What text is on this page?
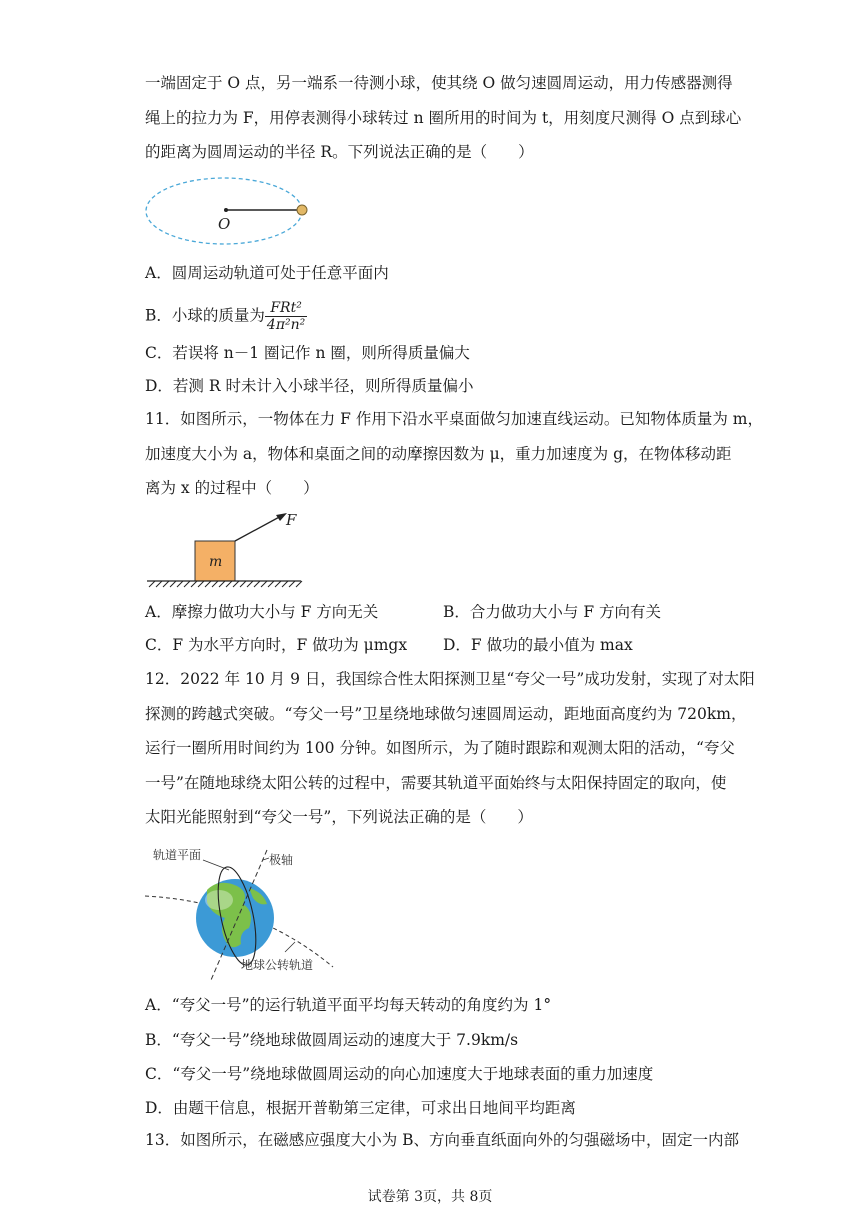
一端固定于 O 点，另一端系一待测小球，使其绕 O 做匀速圆周运动，用力传感器测得
绳上的拉力为 F，用停表测得小球转过 n 圈所用的时间为 t，用刻度尺测得 O 点到球心
的距离为圆周运动的半径 R。下列说法正确的是（　　）
O
A．圆周运动轨道可处于任意平面内
B．小球的质量为 $\frac{\text{FRt²}}{\text{4π²n²}}$
C．若误将 n－1 圈记作 n 圈，则所得质量偏大
D．若测 R 时未计入小球半径，则所得质量偏小
11．如图所示，一物体在力 F 作用下沿水平桌面做匀加速直线运动。已知物体质量为 m，
加速度大小为 a，物体和桌面之间的动摩擦因数为 μ，重力加速度为 g，在物体移动距
离为 x 的过程中（　　）
m
F
A．摩擦力做功大小与 F 方向无关	B．合力做功大小与 F 方向有关
C．F 为水平方向时，F 做功为 μmgx D．F 做功的最小值为 max
12．2022 年 10 月 9 日，我国综合性太阳探测卫星“夸父一号”成功发射，实现了对太阳
探测的跨越式突破。“夸父一号”卫星绕地球做匀速圆周运动，距地面高度约为 720km，
运行一圈所用时间约为 100 分钟。如图所示，为了随时跟踪和观测太阳的活动，“夸父
一号”在随地球绕太阳公转的过程中，需要其轨道平面始终与太阳保持固定的取向，使
太阳光能照射到“夸父一号”，下列说法正确的是（　　）
轨道平面	极轴
地球公转轨道
A．“夸父一号”的运行轨道平面平均每天转动的角度约为 1°
B．“夸父一号”绕地球做圆周运动的速度大于 7.9km/s
C．“夸父一号”绕地球做圆周运动的向心加速度大于地球表面的重力加速度
D．由题干信息，根据开普勒第三定律，可求出日地间平均距离
13．如图所示，在磁感应强度大小为 B、方向垂直纸面向外的匀强磁场中，固定一内部
试卷第 3页，共 8页
